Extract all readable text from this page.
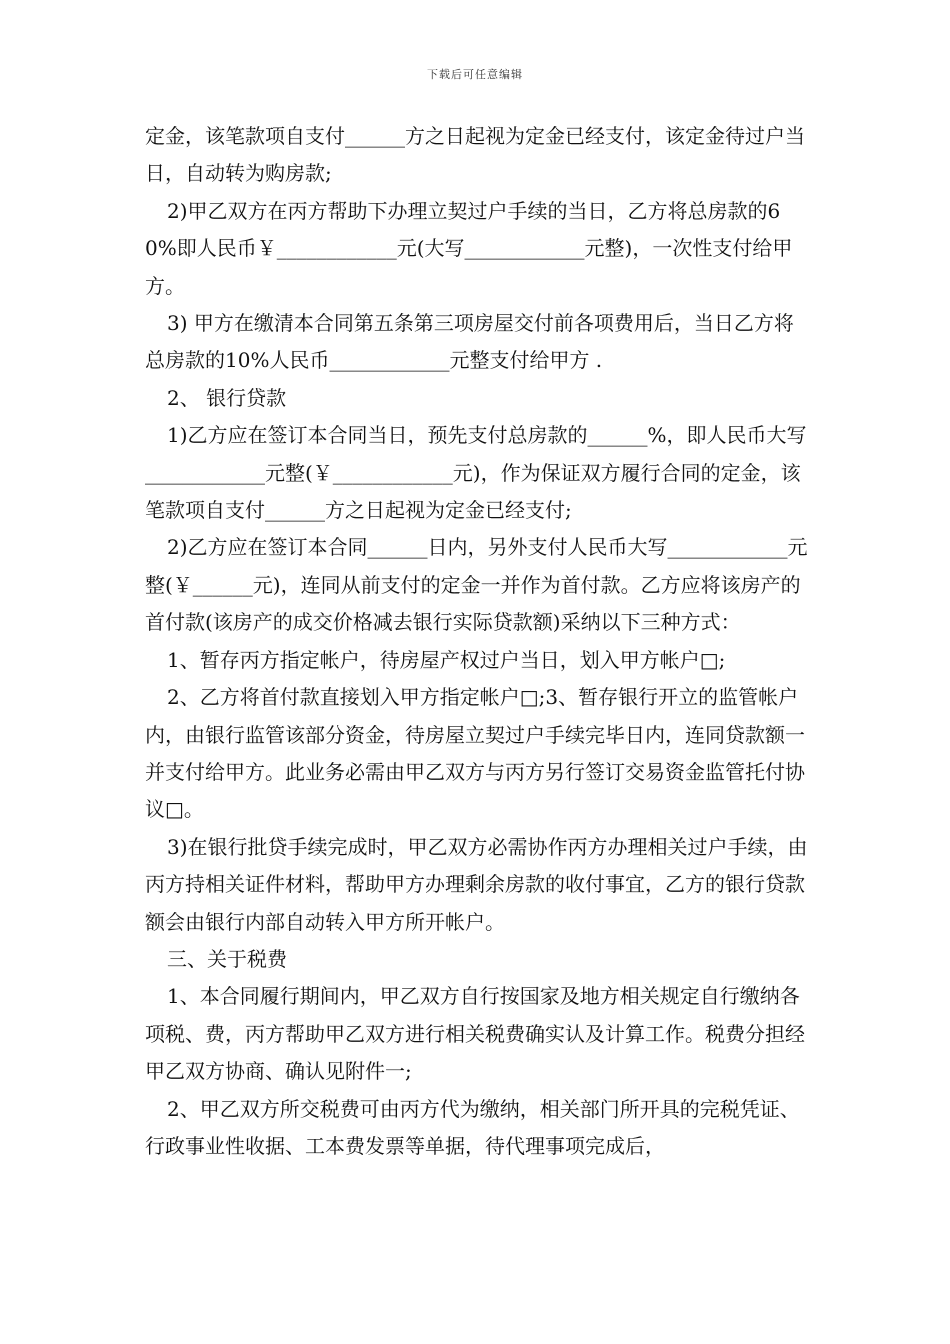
下载后可任意编辑

定金，该笔款项自支付______方之日起视为定金已经支付，该定金待过户当日，自动转为购房款;

2)甲乙双方在丙方帮助下办理立契过户手续的当日，乙方将总房款的60%即人民币￥____________元(大写____________元整)，一次性支付给甲方。

3) 甲方在缴清本合同第五条第三项房屋交付前各项费用后，当日乙方将总房款的10%人民币____________元整支付给甲方 .

2、 银行贷款

1)乙方应在签订本合同当日，预先支付总房款的______%，即人民币大写____________元整(￥____________元)，作为保证双方履行合同的定金，该笔款项自支付______方之日起视为定金已经支付;

2)乙方应在签订本合同______日内，另外支付人民币大写____________元整(￥______元)，连同从前支付的定金一并作为首付款。乙方应将该房产的首付款(该房产的成交价格减去银行实际贷款额)采纳以下三种方式：

1、暂存丙方指定帐户，待房屋产权过户当日，划入甲方帐户□;

2、乙方将首付款直接划入甲方指定帐户□;3、暂存银行开立的监管帐户内，由银行监管该部分资金，待房屋立契过户手续完毕日内，连同贷款额一并支付给甲方。此业务必需由甲乙双方与丙方另行签订交易资金监管托付协议□。

3)在银行批贷手续完成时，甲乙双方必需协作丙方办理相关过户手续，由丙方持相关证件材料，帮助甲方办理剩余房款的收付事宜，乙方的银行贷款额会由银行内部自动转入甲方所开帐户。

三、关于税费

1、本合同履行期间内，甲乙双方自行按国家及地方相关规定自行缴纳各项税、费，丙方帮助甲乙双方进行相关税费确实认及计算工作。税费分担经甲乙双方协商、确认见附件一;

2、甲乙双方所交税费可由丙方代为缴纳，相关部门所开具的完税凭证、行政事业性收据、工本费发票等单据，待代理事项完成后，
